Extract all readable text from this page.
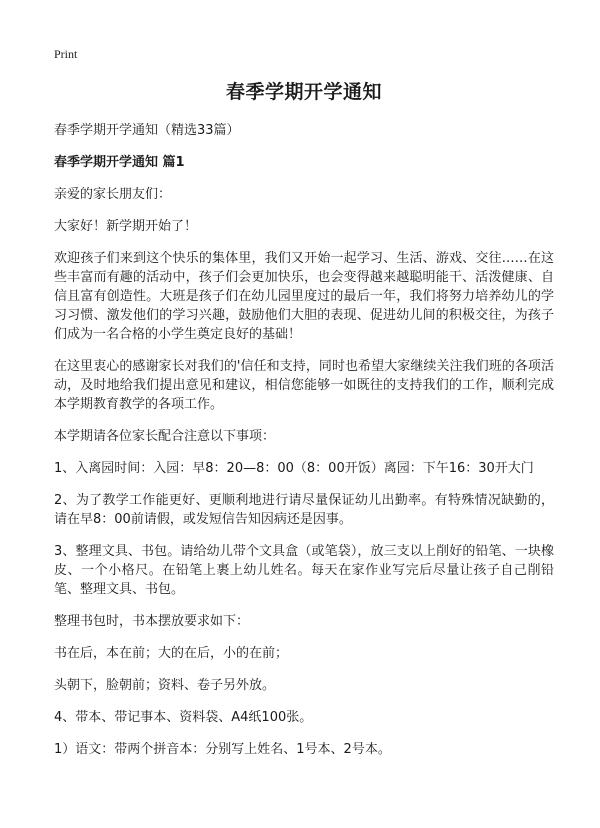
Print
春季学期开学通知
春季学期开学通知（精选33篇）
春季学期开学通知 篇1
亲爱的家长朋友们：
大家好！新学期开始了！
欢迎孩子们来到这个快乐的集体里，我们又开始一起学习、生活、游戏、交往……在这些丰富而有趣的活动中，孩子们会更加快乐，也会变得越来越聪明能干、活泼健康、自信且富有创造性。大班是孩子们在幼儿园里度过的最后一年，我们将努力培养幼儿的学习习惯、激发他们的学习兴趣，鼓励他们大胆的表现、促进幼儿间的积极交往，为孩子们成为一名合格的小学生奠定良好的基础！
在这里衷心的感谢家长对我们的'信任和支持，同时也希望大家继续关注我们班的各项活动，及时地给我们提出意见和建议，相信您能够一如既往的支持我们的工作，顺利完成本学期教育教学的各项工作。
本学期请各位家长配合注意以下事项：
1、入离园时间：入园：早8：20—8：00（8：00开饭）离园：下午16：30开大门
2、为了教学工作能更好、更顺利地进行请尽量保证幼儿出勤率。有特殊情况缺勤的，请在早8：00前请假，或发短信告知因病还是因事。
3、整理文具、书包。请给幼儿带个文具盒（或笔袋），放三支以上削好的铅笔、一块橡皮、一个小格尺。在铅笔上裹上幼儿姓名。每天在家作业写完后尽量让孩子自己削铅笔、整理文具、书包。
整理书包时，书本摆放要求如下：
书在后，本在前；大的在后，小的在前；
头朝下，脸朝前；资料、卷子另外放。
4、带本、带记事本、资料袋、A4纸100张。
1）语文：带两个拼音本：分别写上姓名、1号本、2号本。
